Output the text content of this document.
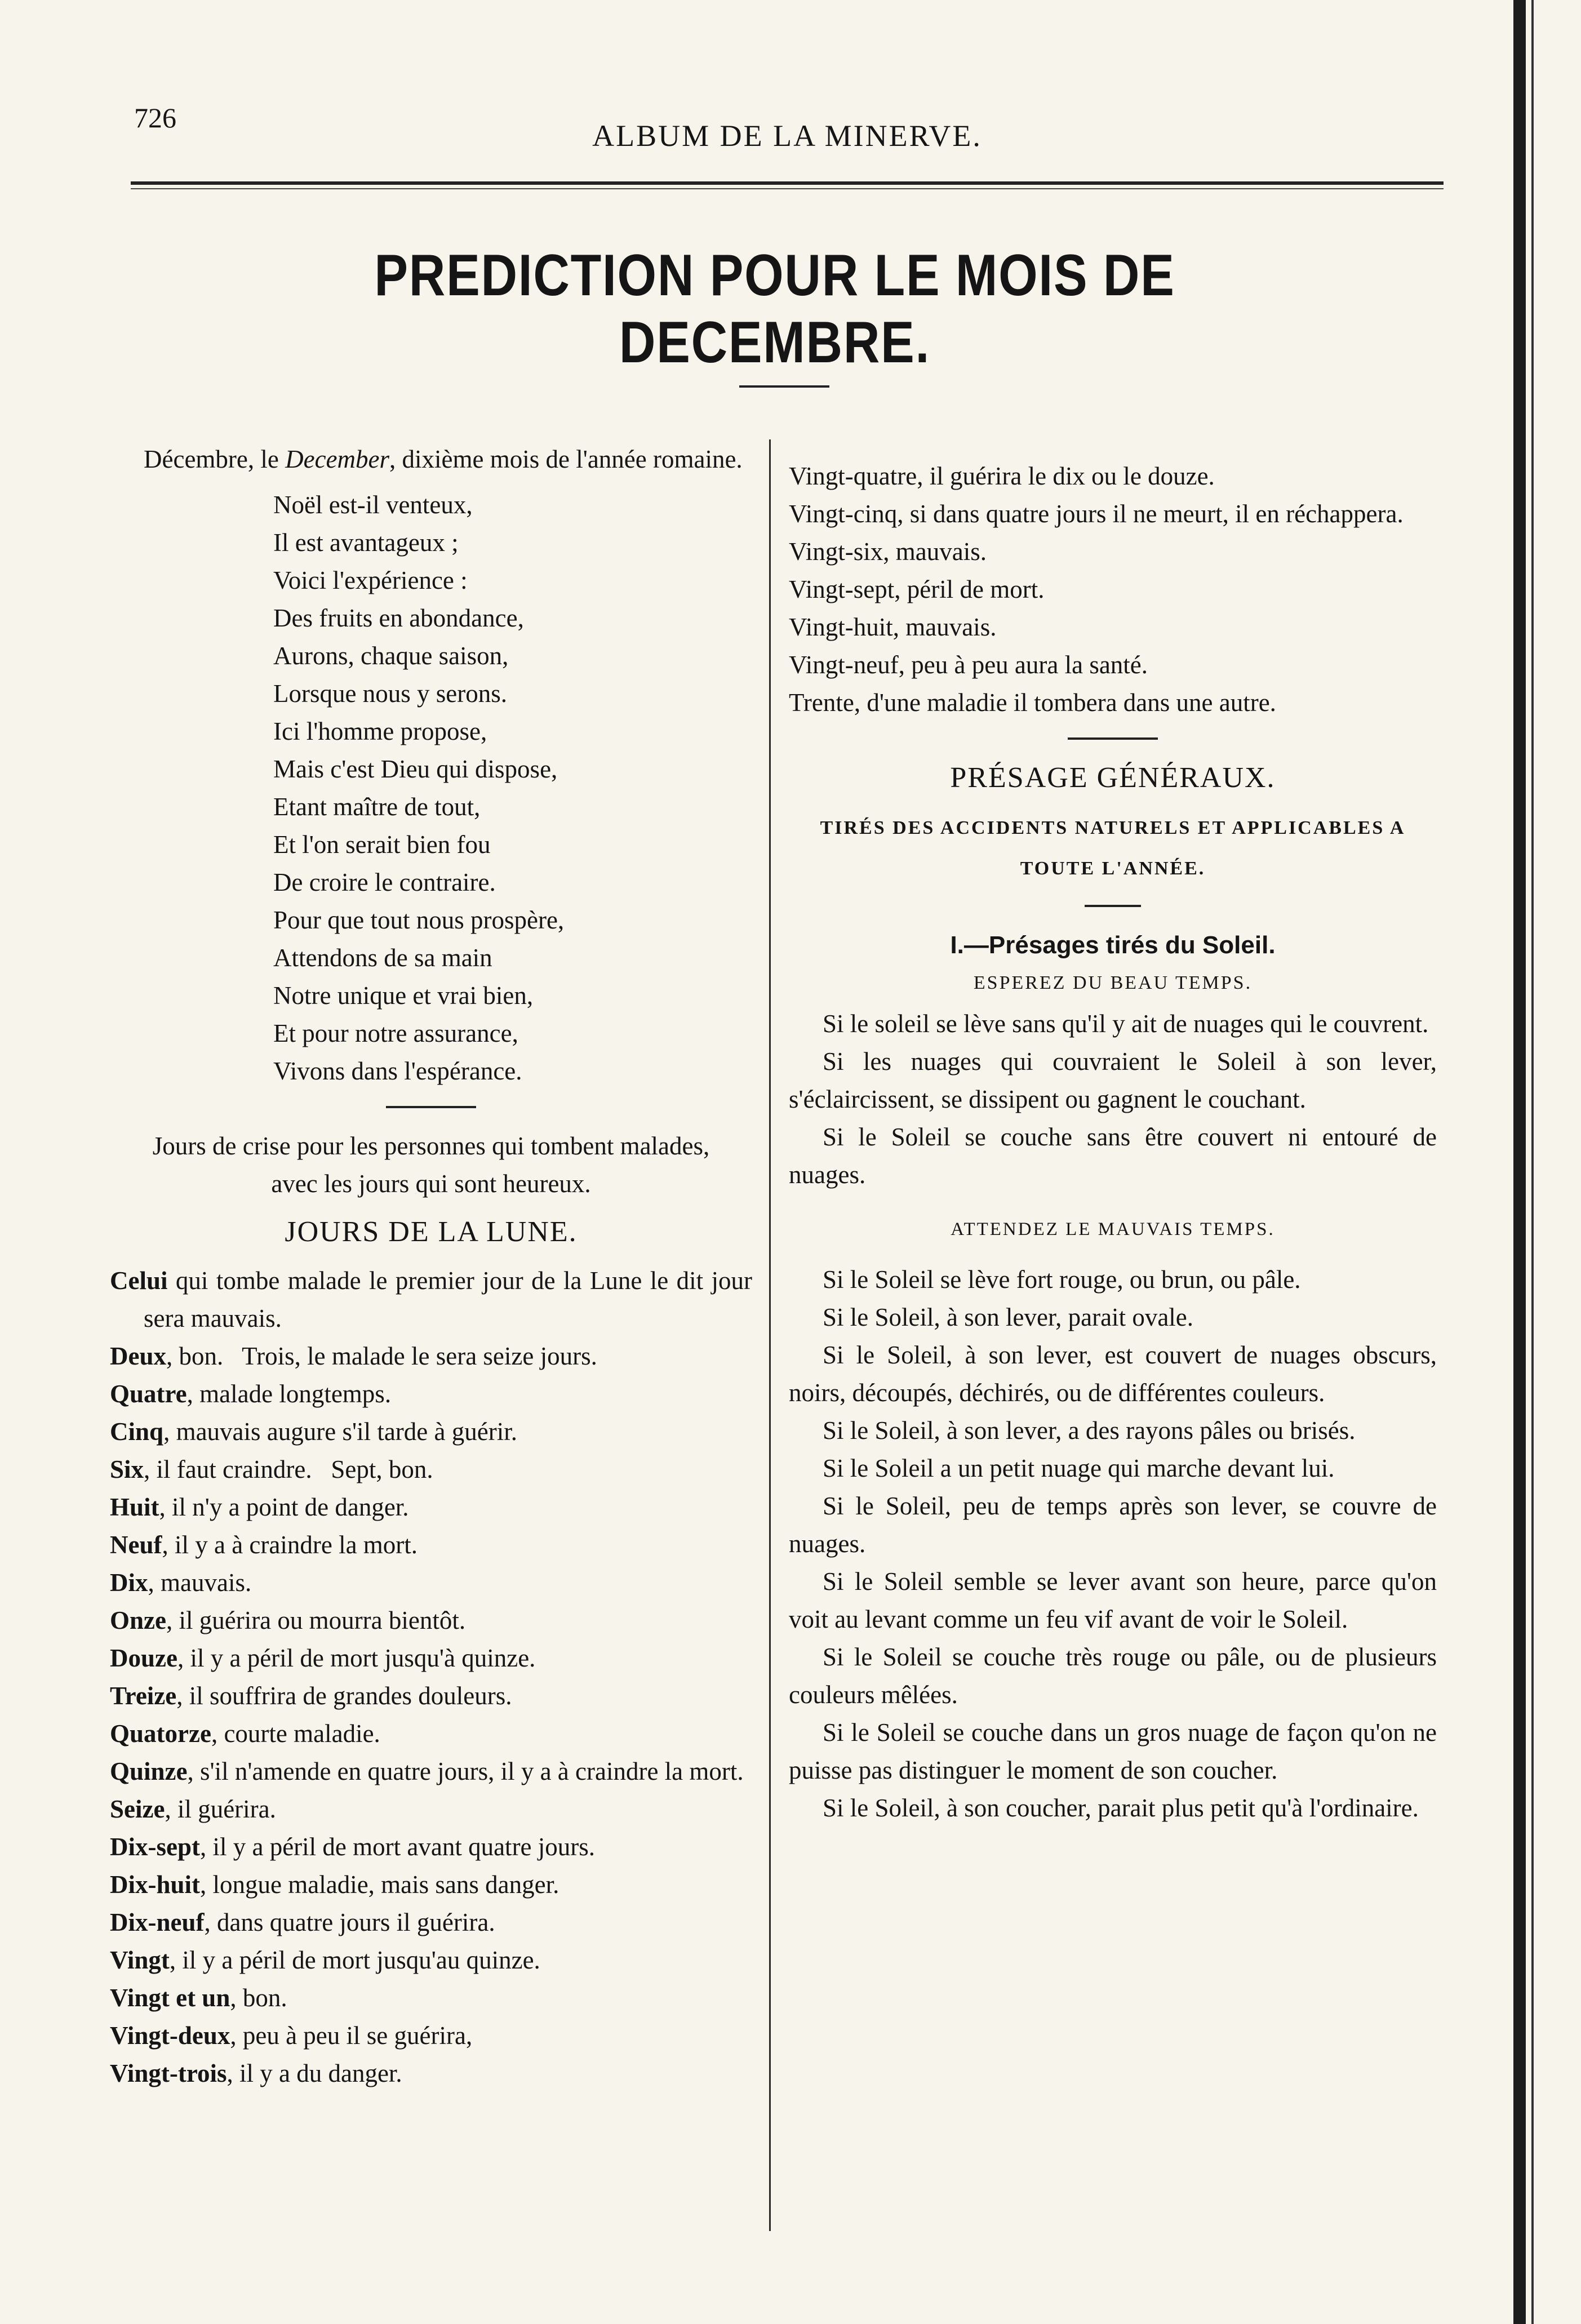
726
ALBUM DE LA MINERVE.
PREDICTION POUR LE MOIS DE DECEMBRE.

Décembre, le December, dixième mois de l'année romaine.

Noël est-il venteux,

Il est avantageux ;

Voici l'expérience :

Des fruits en abondance,

Aurons, chaque saison,

Lorsque nous y serons.

Ici l'homme propose,

Mais c'est Dieu qui dispose,

Etant maître de tout,

Et l'on serait bien fou

De croire le contraire.

Pour que tout nous prospère,

Attendons de sa main

Notre unique et vrai bien,

Et pour notre assurance,

Vivons dans l'espérance.

Jours de crise pour les personnes qui tombent malades, avec les jours qui sont heureux.

JOURS DE LA LUNE.

Celui qui tombe malade le premier jour de la Lune le dit jour sera mauvais.

Deux, bon.   Trois, le malade le sera seize jours.

Quatre, malade longtemps.

Cinq, mauvais augure s'il tarde à guérir.

Six, il faut craindre.   Sept, bon.

Huit, il n'y a point de danger.

Neuf, il y a à craindre la mort.

Dix, mauvais.

Onze, il guérira ou mourra bientôt.

Douze, il y a péril de mort jusqu'à quinze.

Treize, il souffrira de grandes douleurs.

Quatorze, courte maladie.

Quinze, s'il n'amende en quatre jours, il y a à craindre la mort.

Seize, il guérira.

Dix-sept, il y a péril de mort avant quatre jours.

Dix-huit, longue maladie, mais sans danger.

Dix-neuf, dans quatre jours il guérira.

Vingt, il y a péril de mort jusqu'au quinze.

Vingt et un, bon.

Vingt-deux, peu à peu il se guérira,

Vingt-trois, il y a du danger.

Vingt-quatre, il guérira le dix ou le douze.

Vingt-cinq, si dans quatre jours il ne meurt, il en réchappera.

Vingt-six, mauvais.

Vingt-sept, péril de mort.

Vingt-huit, mauvais.

Vingt-neuf, peu à peu aura la santé.

Trente, d'une maladie il tombera dans une autre.

PRÉSAGE GÉNÉRAUX.

TIRÉS DES ACCIDENTS NATURELS ET APPLICABLES A TOUTE L'ANNÉE.

I.—Présages tirés du Soleil.

ESPEREZ DU BEAU TEMPS.

Si le soleil se lève sans qu'il y ait de nuages qui le couvrent.

Si les nuages qui couvraient le Soleil à son lever, s'éclaircissent, se dissipent ou gagnent le couchant.

Si le Soleil se couche sans être couvert ni entouré de nuages.

ATTENDEZ LE MAUVAIS TEMPS.

Si le Soleil se lève fort rouge, ou brun, ou pâle.

Si le Soleil, à son lever, parait ovale.

Si le Soleil, à son lever, est couvert de nuages obscurs, noirs, découpés, déchirés, ou de différentes couleurs.

Si le Soleil, à son lever, a des rayons pâles ou brisés.

Si le Soleil a un petit nuage qui marche devant lui.

Si le Soleil, peu de temps après son lever, se couvre de nuages.

Si le Soleil semble se lever avant son heure, parce qu'on voit au levant comme un feu vif avant de voir le Soleil.

Si le Soleil se couche très rouge ou pâle, ou de plusieurs couleurs mêlées.

Si le Soleil se couche dans un gros nuage de façon qu'on ne puisse pas distinguer le moment de son coucher.

Si le Soleil, à son coucher, parait plus petit qu'à l'ordinaire.
